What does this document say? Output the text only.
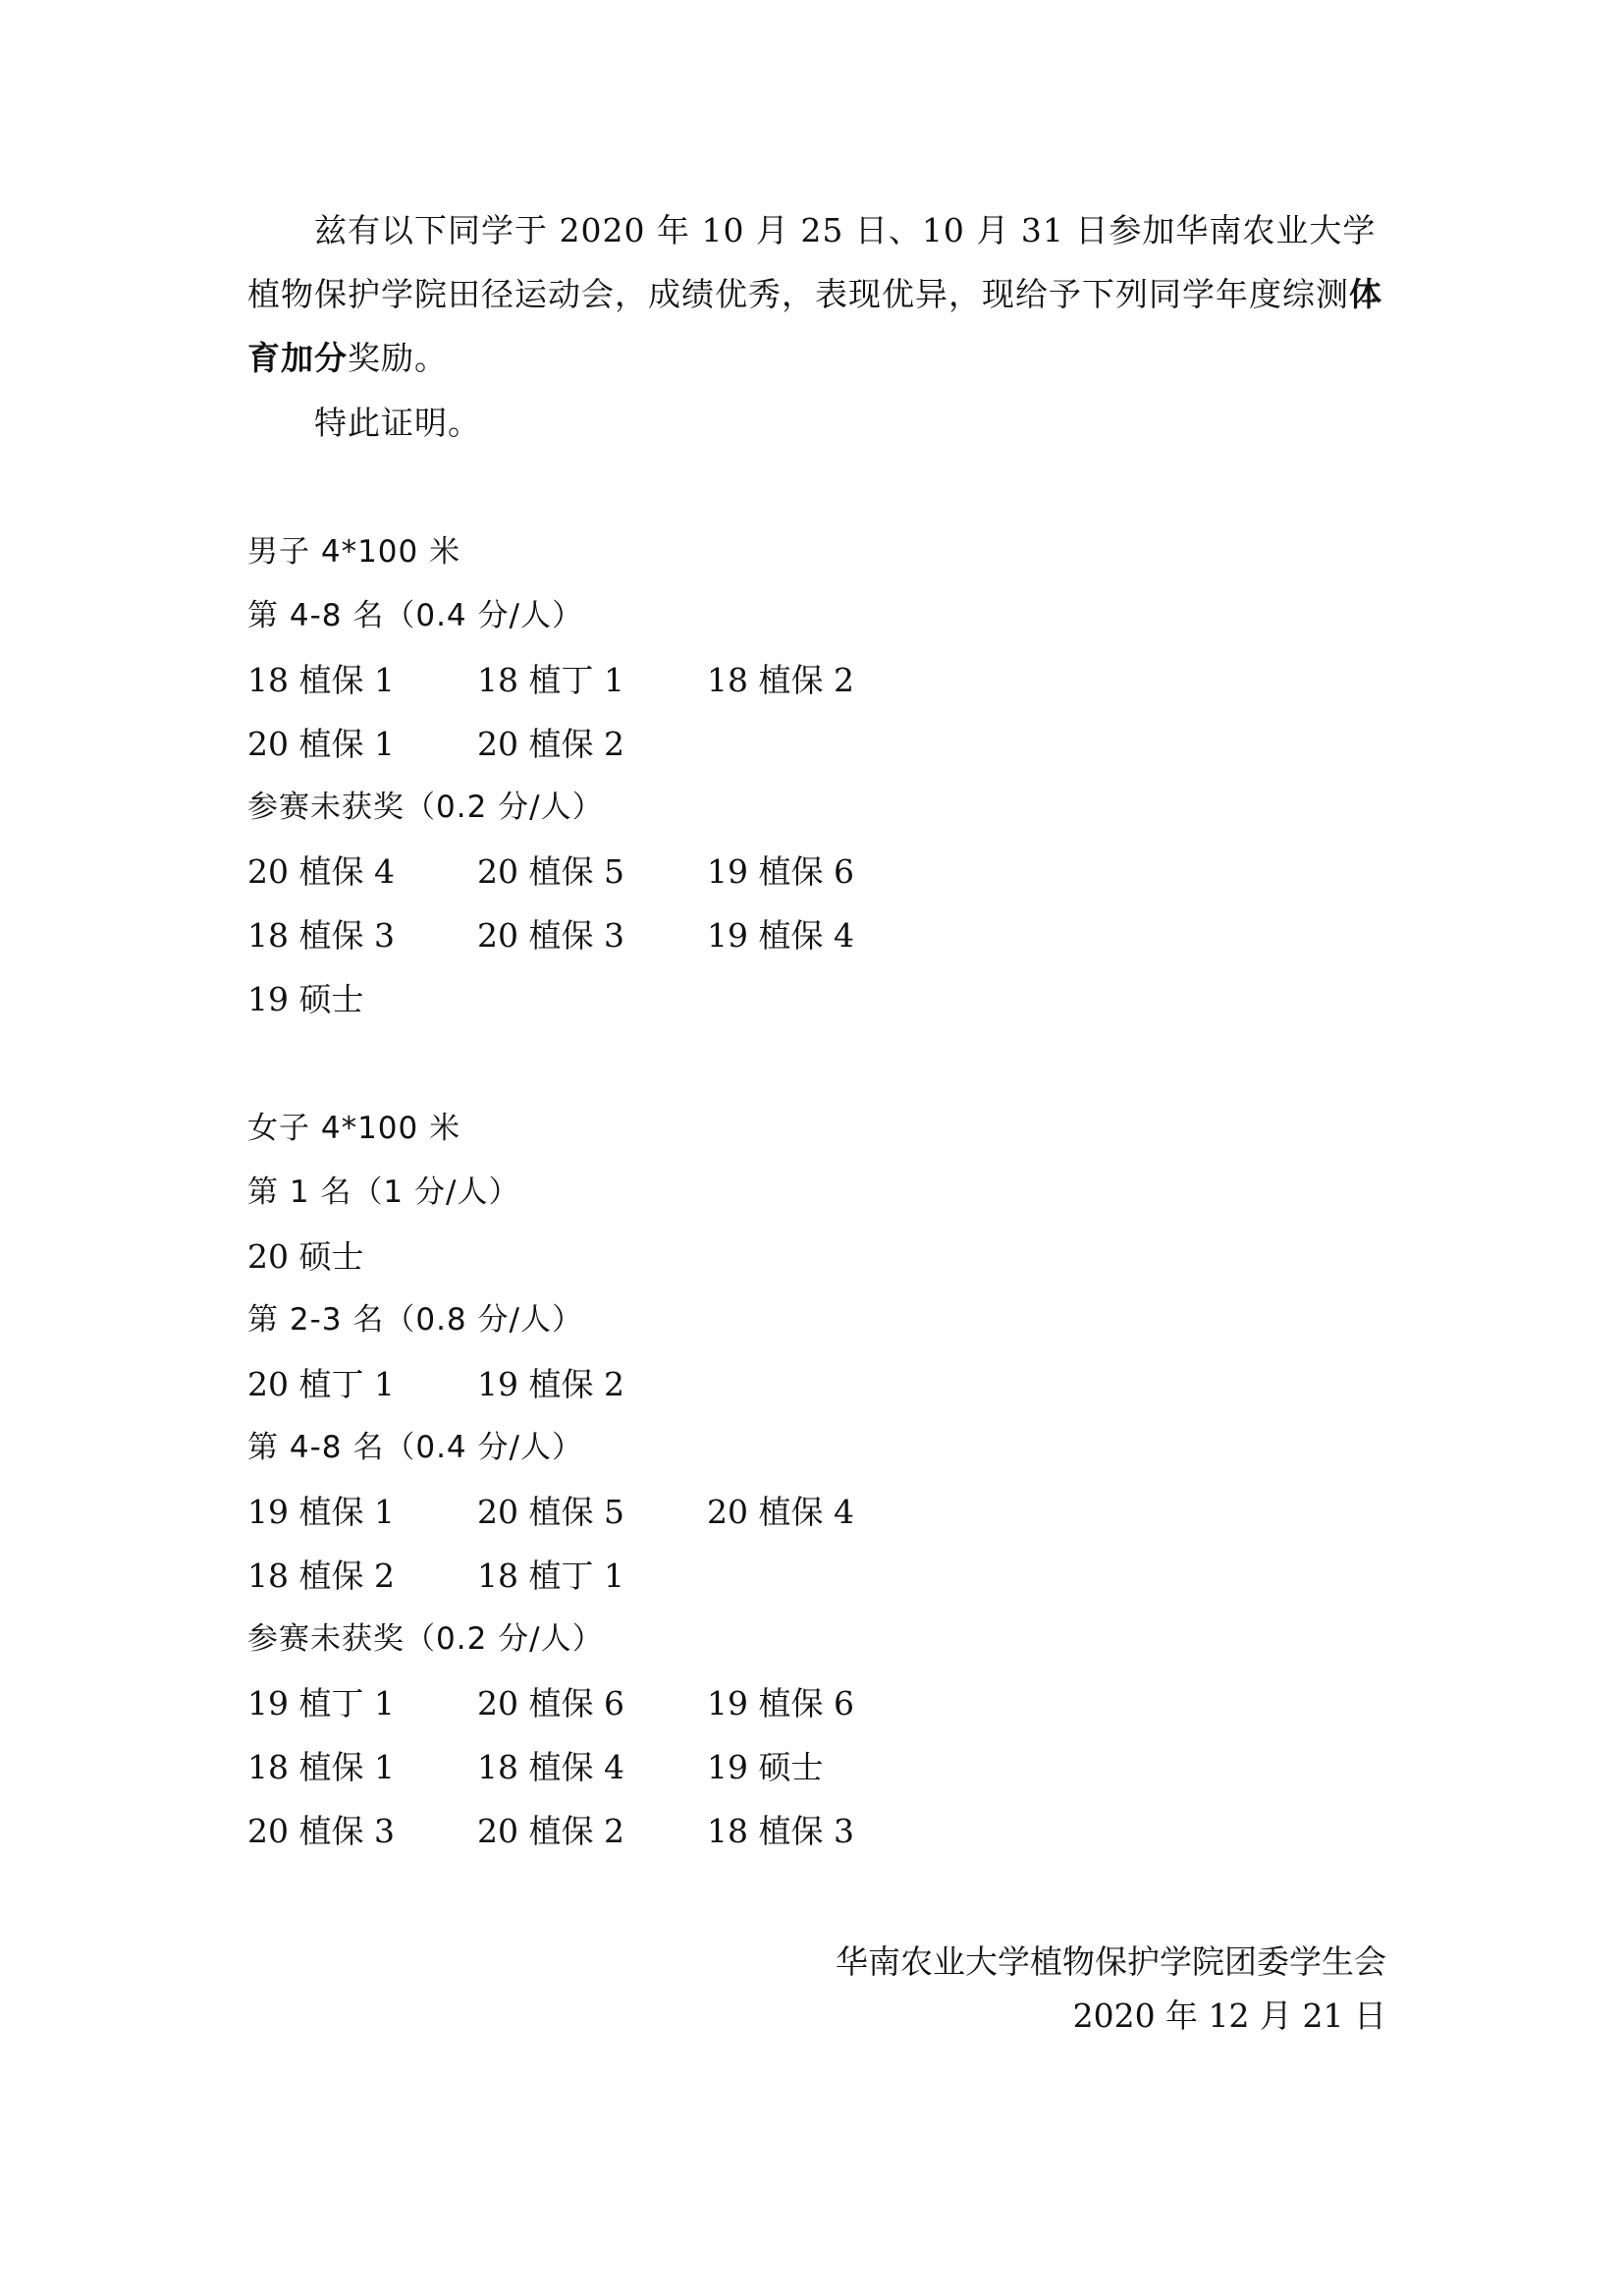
兹有以下同学于 2020 年 10 月 25 日、10 月 31 日参加华南农业大学植物保护学院田径运动会，成绩优秀，表现优异，现给予下列同学年度综测体育加分奖励。

特此证明。

男子 4*100 米
第 4-8 名（0.4 分/人）
18 植保 1	18 植丁 1	18 植保 2
20 植保 1	20 植保 2
参赛未获奖（0.2 分/人）
20 植保 4	20 植保 5	19 植保 6
18 植保 3	20 植保 3	19 植保 4
19 硕士
女子 4*100 米
第 1 名（1 分/人）
20 硕士
第 2-3 名（0.8 分/人）
20 植丁 1	19 植保 2
第 4-8 名（0.4 分/人）
19 植保 1	20 植保 5	20 植保 4
18 植保 2	18 植丁 1
参赛未获奖（0.2 分/人）
19 植丁 1	20 植保 6	19 植保 6
18 植保 1	18 植保 4	19 硕士
20 植保 3	20 植保 2	18 植保 3
华南农业大学植物保护学院团委学生会
2020 年 12 月 21 日
